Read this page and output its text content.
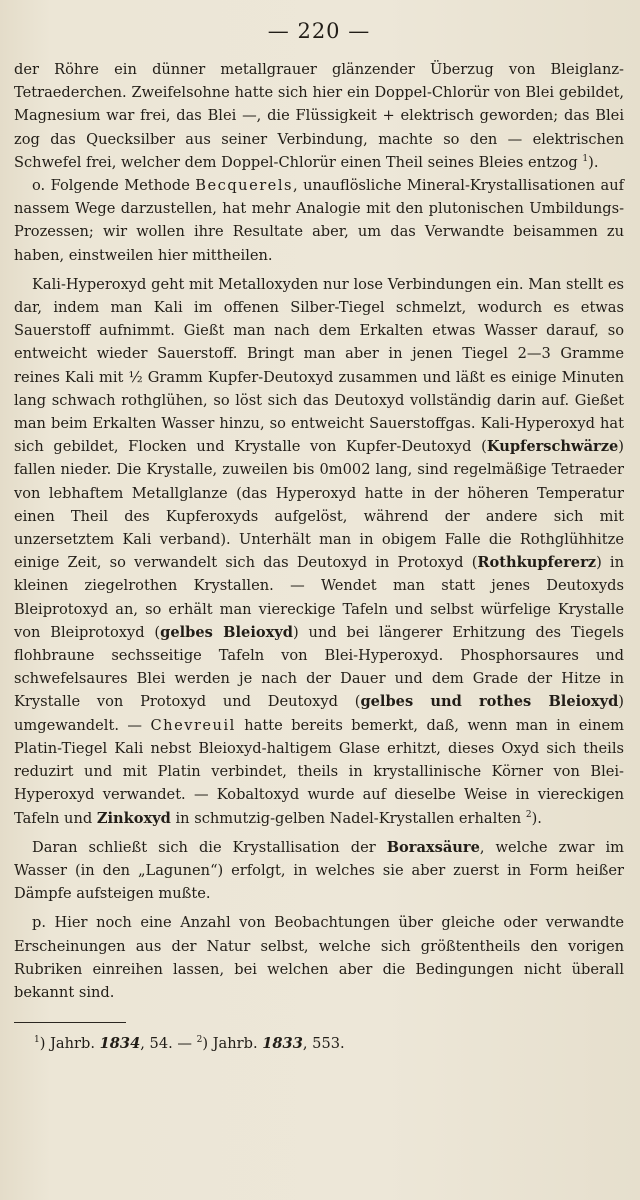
— 220 —

der Röhre ein dünner metallgrauer glänzender Überzug von Bleiglanz-Tetraederchen. Zweifelsohne hatte sich hier ein Doppel-Chlorür von Blei gebildet, Magnesium war frei, das Blei —, die Flüssigkeit + elektrisch geworden; das Blei zog das Quecksilber aus seiner Verbindung, machte so den — elektrischen Schwefel frei, welcher dem Doppel-Chlorür einen Theil seines Bleies entzog $^1$).

o. Folgende Methode Becquerels, unauflösliche Mineral-Krystallisationen auf nassem Wege darzustellen, hat mehr Analogie mit den plutonischen Umbildungs-Prozessen; wir wollen ihre Resultate aber, um das Verwandte beisammen zu haben, einstweilen hier mittheilen.

Kali-Hyperoxyd geht mit Metalloxyden nur lose Verbindungen ein. Man stellt es dar, indem man Kali im offenen Silber-Tiegel schmelzt, wodurch es etwas Sauerstoff aufnimmt. Gießt man nach dem Erkalten etwas Wasser darauf, so entweicht wieder Sauerstoff. Bringt man aber in jenen Tiegel 2—3 Gramme reines Kali mit ½ Gramm Kupfer-Deutoxyd zusammen und läßt es einige Minuten lang schwach rothglühen, so löst sich das Deutoxyd vollständig darin auf. Gießet man beim Erkalten Wasser hinzu, so entweicht Sauerstoffgas. Kali-Hyperoxyd hat sich gebildet, Flocken und Krystalle von Kupfer-Deutoxyd (Kupferschwärze) fallen nieder. Die Krystalle, zuweilen bis 0m002 lang, sind regelmäßige Tetraeder von lebhaftem Metallglanze (das Hyperoxyd hatte in der höheren Temperatur einen Theil des Kupferoxyds aufgelöst, während der andere sich mit unzersetztem Kali verband). Unterhält man in obigem Falle die Rothglühhitze einige Zeit, so verwandelt sich das Deutoxyd in Protoxyd (Rothkupfererz) in kleinen ziegelrothen Krystallen. — Wendet man statt jenes Deutoxyds Bleiprotoxyd an, so erhält man viereckige Tafeln und selbst würfelige Krystalle von Bleiprotoxyd (gelbes Bleioxyd) und bei längerer Erhitzung des Tiegels flohbraune sechsseitige Tafeln von Blei-Hyperoxyd. Phosphorsaures und schwefelsaures Blei werden je nach der Dauer und dem Grade der Hitze in Krystalle von Protoxyd und Deutoxyd (gelbes und rothes Bleioxyd) umgewandelt. — Chevreuil hatte bereits bemerkt, daß, wenn man in einem Platin-Tiegel Kali nebst Bleioxyd-haltigem Glase erhitzt, dieses Oxyd sich theils reduzirt und mit Platin verbindet, theils in krystallinische Körner von Blei-Hyperoxyd verwandet. — Kobaltoxyd wurde auf dieselbe Weise in viereckigen Tafeln und Zinkoxyd in schmutzig-gelben Nadel-Krystallen erhalten $^2$).

Daran schließt sich die Krystallisation der Boraxsäure, welche zwar im Wasser (in den „Lagunen“) erfolgt, in welches sie aber zuerst in Form heißer Dämpfe aufsteigen mußte.

p. Hier noch eine Anzahl von Beobachtungen über gleiche oder verwandte Erscheinungen aus der Natur selbst, welche sich größtentheils den vorigen Rubriken einreihen lassen, bei welchen aber die Bedingungen nicht überall bekannt sind.

$^1$) Jahrb. 1834, 54. — $^2$) Jahrb. 1833, 553.
